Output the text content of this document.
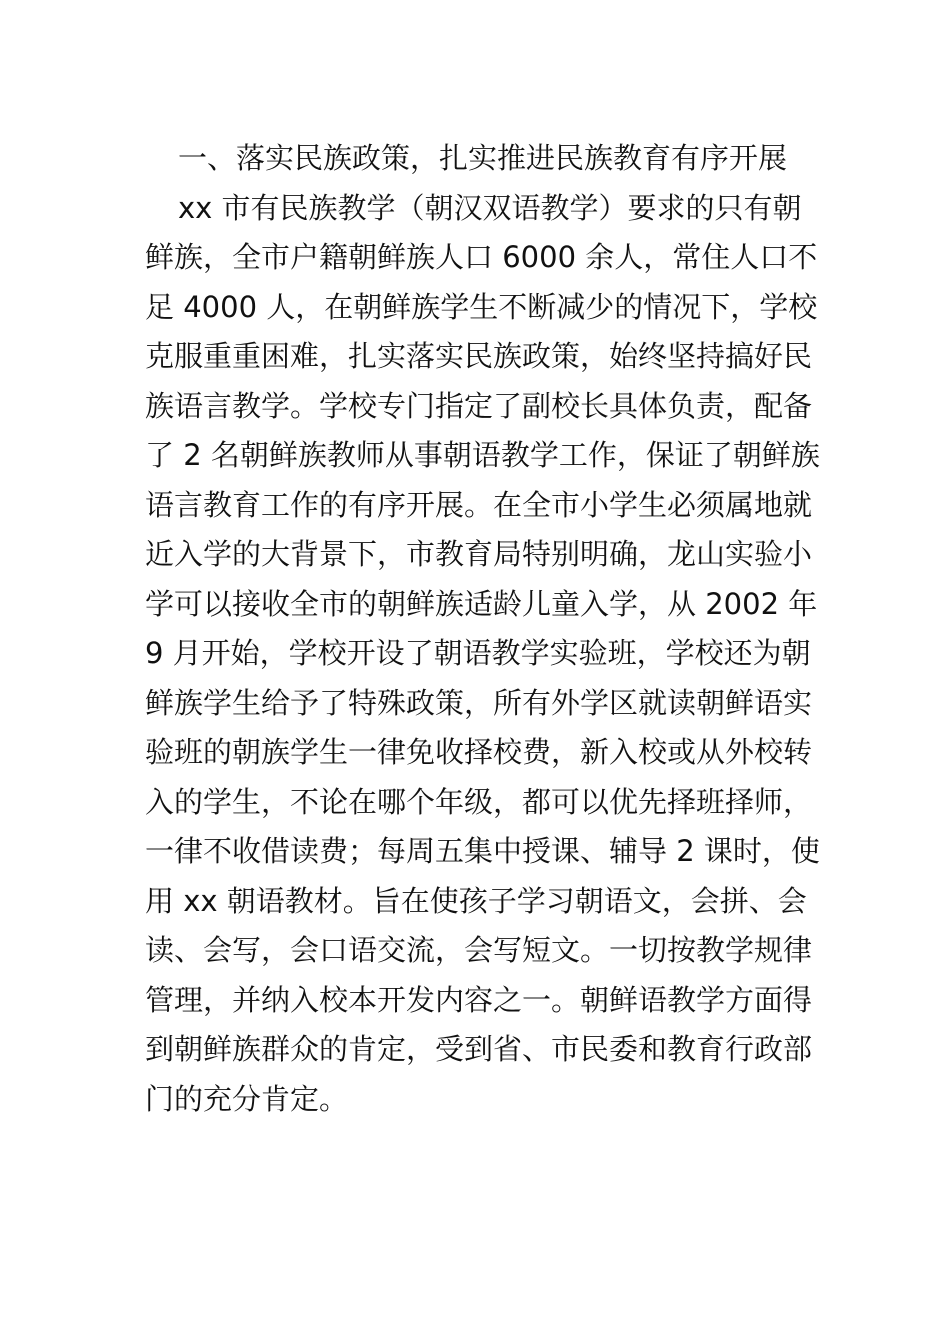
一、落实民族政策，扎实推进民族教育有序开展
xx 市有民族教学（朝汉双语教学）要求的只有朝
鲜族，全市户籍朝鲜族人口 6000 余人，常住人口不
足 4000 人，在朝鲜族学生不断减少的情况下，学校
克服重重困难，扎实落实民族政策，始终坚持搞好民
族语言教学。学校专门指定了副校长具体负责，配备
了 2 名朝鲜族教师从事朝语教学工作，保证了朝鲜族
语言教育工作的有序开展。在全市小学生必须属地就
近入学的大背景下，市教育局特别明确，龙山实验小
学可以接收全市的朝鲜族适龄儿童入学，从 2002 年
9 月开始，学校开设了朝语教学实验班，学校还为朝
鲜族学生给予了特殊政策，所有外学区就读朝鲜语实
验班的朝族学生一律免收择校费，新入校或从外校转
入的学生，不论在哪个年级，都可以优先择班择师，
一律不收借读费；每周五集中授课、辅导 2 课时，使
用 xx 朝语教材。旨在使孩子学习朝语文，会拼、会
读、会写，会口语交流，会写短文。一切按教学规律
管理，并纳入校本开发内容之一。朝鲜语教学方面得
到朝鲜族群众的肯定，受到省、市民委和教育行政部
门的充分肯定。
